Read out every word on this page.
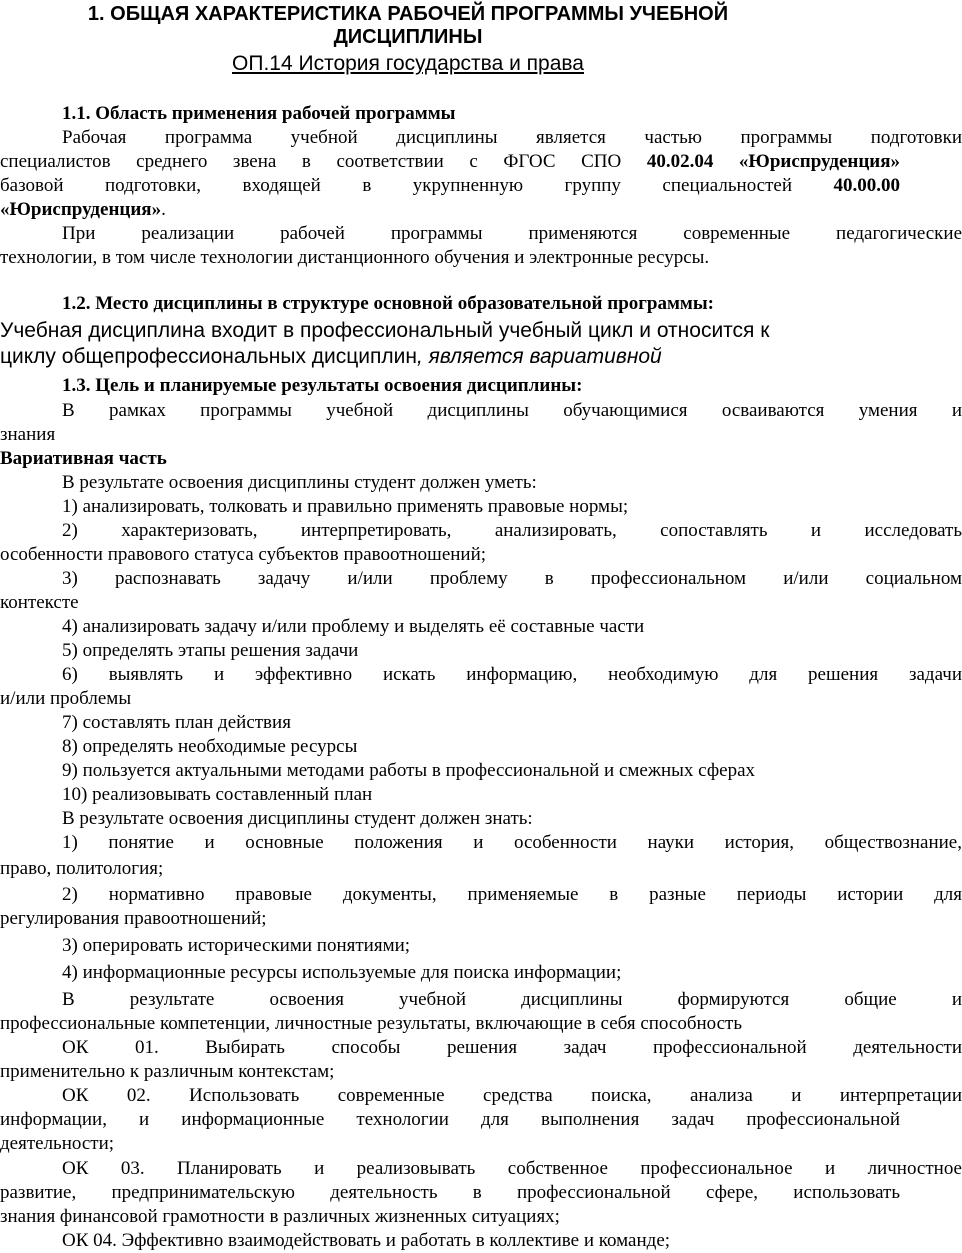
1. ОБЩАЯ ХАРАКТЕРИСТИКА РАБОЧЕЙ ПРОГРАММЫ УЧЕБНОЙ
ДИСЦИПЛИНЫ
ОП.14 История государства и права
1.1. Область применения рабочей программы
Рабочая программа учебной дисциплины является частью программы подготовки
специалистов среднего звена в соответствии с ФГОС СПО 40.02.04 «Юриспруденция»
базовой подготовки, входящей в укрупненную группу специальностей 40.00.00
«Юриспруденция».
При реализации рабочей программы применяются современные педагогические
технологии, в том числе технологии дистанционного обучения и электронные ресурсы.
1.2. Место дисциплины в структуре основной образовательной программы:
Учебная дисциплина входит в профессиональный учебный цикл и относится к
циклу общепрофессиональных дисциплин, является вариативной
1.3. Цель и планируемые результаты освоения дисциплины:
В рамках программы учебной дисциплины обучающимися осваиваются умения и
знания
Вариативная часть
В результате освоения дисциплины студент должен уметь:
1) анализировать, толковать и правильно применять правовые нормы;
2) характеризовать, интерпретировать, анализировать, сопоставлять и исследовать
особенности правового статуса субъектов правоотношений;
3) распознавать задачу и/или проблему в профессиональном и/или социальном
контексте
4) анализировать задачу и/или проблему и выделять её составные части
5) определять этапы решения задачи
6) выявлять и эффективно искать информацию, необходимую для решения задачи
и/или проблемы
7) составлять план действия
8) определять необходимые ресурсы
9) пользуется актуальными методами работы в профессиональной и смежных сферах
10) реализовывать составленный план
В результате освоения дисциплины студент должен знать:
1) понятие и основные положения и особенности науки история, обществознание,
право, политология;
2) нормативно правовые документы, применяемые в разные периоды истории для
регулирования правоотношений;
3) оперировать историческими понятиями;
4) информационные ресурсы используемые для поиска информации;
В результате освоения учебной дисциплины формируются общие и
профессиональные компетенции, личностные результаты, включающие в себя способность
ОК 01. Выбирать способы решения задач профессиональной деятельности
применительно к различным контекстам;
ОК 02. Использовать современные средства поиска, анализа и интерпретации
информации, и информационные технологии для выполнения задач профессиональной
деятельности;
ОК 03. Планировать и реализовывать собственное профессиональное и личностное
развитие, предпринимательскую деятельность в профессиональной сфере, использовать
знания финансовой грамотности в различных жизненных ситуациях;
ОК 04. Эффективно взаимодействовать и работать в коллективе и команде;
